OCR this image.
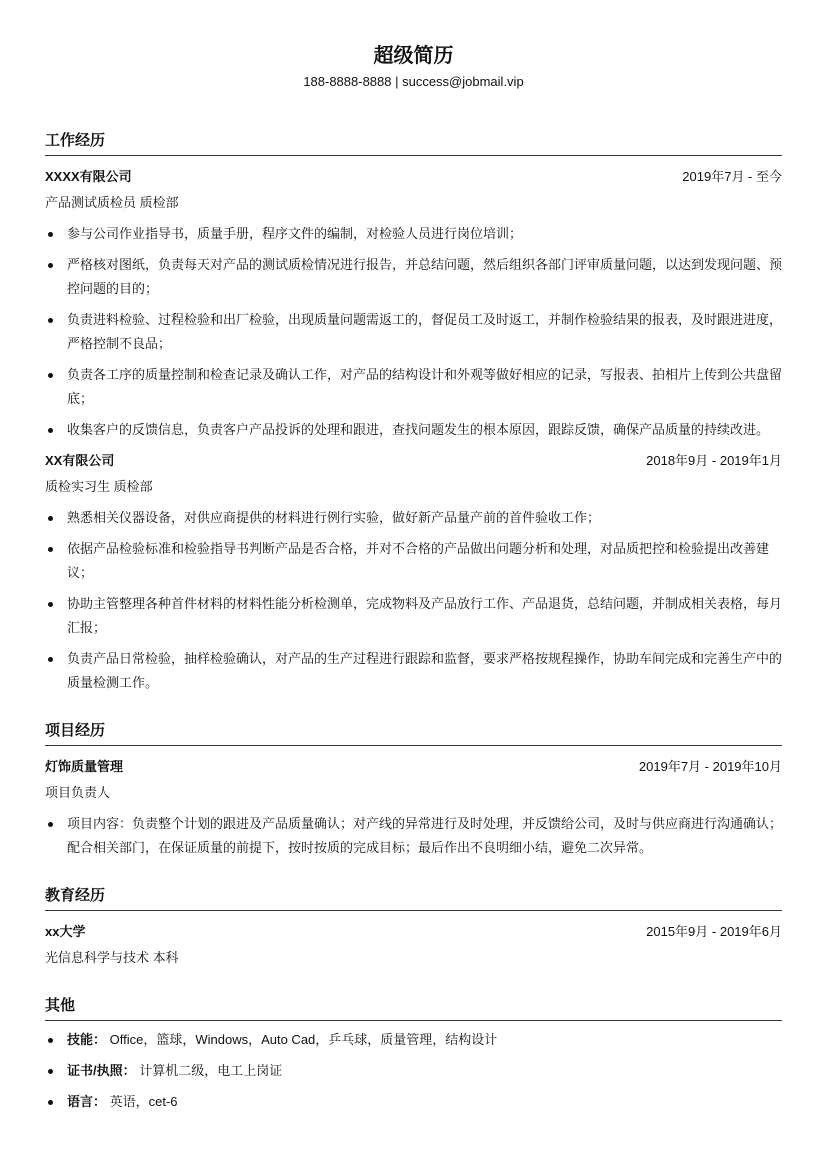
超级简历
188-8888-8888 | success@jobmail.vip
工作经历
XXXX有限公司	2019年7月 - 至今
产品测试质检员 质检部
参与公司作业指导书，质量手册，程序文件的编制，对检验人员进行岗位培训；
严格核对图纸，负责每天对产品的测试质检情况进行报告，并总结问题，然后组织各部门评审质量问题，以达到发现问题、预控问题的目的；
负责进料检验、过程检验和出厂检验，出现质量问题需返工的，督促员工及时返工，并制作检验结果的报表，及时跟进进度，严格控制不良品；
负责各工序的质量控制和检查记录及确认工作，对产品的结构设计和外观等做好相应的记录，写报表、拍相片上传到公共盘留底；
收集客户的反馈信息，负责客户产品投诉的处理和跟进，查找问题发生的根本原因，跟踪反馈，确保产品质量的持续改进。
XX有限公司	2018年9月 - 2019年1月
质检实习生 质检部
熟悉相关仪器设备，对供应商提供的材料进行例行实验，做好新产品量产前的首件验收工作；
依据产品检验标准和检验指导书判断产品是否合格，并对不合格的产品做出问题分析和处理，对品质把控和检验提出改善建议；
协助主管整理各种首件材料的材料性能分析检测单，完成物料及产品放行工作、产品退货，总结问题，并制成相关表格，每月汇报；
负责产品日常检验，抽样检验确认，对产品的生产过程进行跟踪和监督，要求严格按规程操作，协助车间完成和完善生产中的质量检测工作。
项目经历
灯饰质量管理	2019年7月 - 2019年10月
项目负责人
项目内容：负责整个计划的跟进及产品质量确认；对产线的异常进行及时处理，并反馈给公司，及时与供应商进行沟通确认；配合相关部门，在保证质量的前提下，按时按质的完成目标；最后作出不良明细小结，避免二次异常。
教育经历
xx大学	2015年9月 - 2019年6月
光信息科学与技术 本科
其他
技能： Office，篮球，Windows，Auto Cad，乒乓球，质量管理，结构设计
证书/执照： 计算机二级，电工上岗证
语言： 英语，cet-6
